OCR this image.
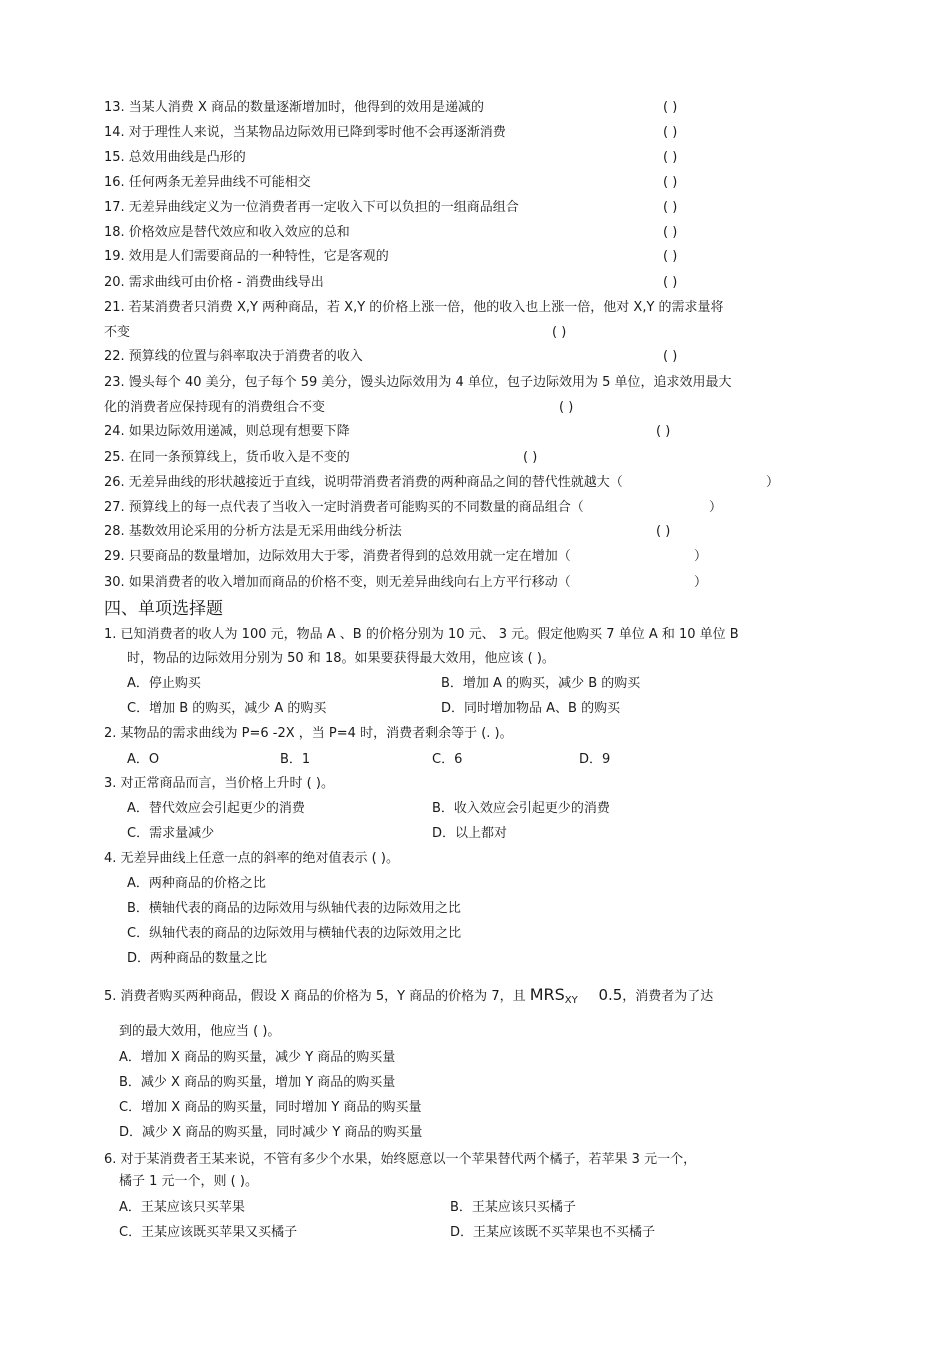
13. 当某人消费 X 商品的数量逐渐增加时，他得到的效用是递减的	( )
14. 对于理性人来说，当某物品边际效用已降到零时他不会再逐渐消费	( )
15. 总效用曲线是凸形的	( )
16. 任何两条无差异曲线不可能相交	( )
17. 无差异曲线定义为一位消费者再一定收入下可以负担的一组商品组合	( )
18. 价格效应是替代效应和收入效应的总和	( )
19. 效用是人们需要商品的一种特性，它是客观的	( )
20. 需求曲线可由价格 - 消费曲线导出	( )
21. 若某消费者只消费 X,Y 两种商品，若 X,Y 的价格上涨一倍，他的收入也上涨一倍，他对 X,Y 的需求量将
不变	( )
22. 预算线的位置与斜率取决于消费者的收入	( )
23. 馒头每个 40 美分，包子每个 59 美分，馒头边际效用为 4 单位，包子边际效用为 5 单位，追求效用最大
化的消费者应保持现有的消费组合不变	( )
24. 如果边际效用递减，则总现有想要下降	( )
25. 在同一条预算线上，货币收入是不变的	( )
26. 无差异曲线的形状越接近于直线，说明带消费者消费的两种商品之间的替代性就越大（	）
27. 预算线上的每一点代表了当收入一定时消费者可能购买的不同数量的商品组合（	）
28. 基数效用论采用的分析方法是无采用曲线分析法	( )
29. 只要商品的数量增加，边际效用大于零，消费者得到的总效用就一定在增加（	）
30. 如果消费者的收入增加而商品的价格不变，则无差异曲线向右上方平行移动（	）
四、单项选择题
1. 已知消费者的收人为 100 元，物品 A 、B 的价格分别为 10 元、 3 元。假定他购买 7 单位 A 和 10 单位 B
时，物品的边际效用分别为 50 和 18。如果要获得最大效用，他应该 ( )。
A．停止购买	B．增加 A 的购买，减少 B 的购买
C．增加 B 的购买，减少 A 的购买	D．同时增加物品 A、B 的购买
2. 某物品的需求曲线为 P=6 -2X ，当 P=4 时，消费者剩余等于 (. )。
A．O	B．1	C．6	D．9
3. 对正常商品而言，当价格上升时 ( )。
A．替代效应会引起更少的消费	B．收入效应会引起更少的消费
C．需求量减少	D．以上都对
4. 无差异曲线上任意一点的斜率的绝对值表示 ( )。
A．两种商品的价格之比
B．横轴代表的商品的边际效用与纵轴代表的边际效用之比
C．纵轴代表的商品的边际效用与横轴代表的边际效用之比
D．两种商品的数量之比
5. 消费者购买两种商品，假设 X 商品的价格为 5，Y 商品的价格为 7，且 $MRS_{XY}$ 0.5，消费者为了达
到的最大效用，他应当 ( )。
A．增加 X 商品的购买量，减少 Y 商品的购买量
B．减少 X 商品的购买量，增加 Y 商品的购买量
C．增加 X 商品的购买量，同时增加 Y 商品的购买量
D．减少 X 商品的购买量，同时减少 Y 商品的购买量
6. 对于某消费者王某来说，不管有多少个水果，始终愿意以一个苹果替代两个橘子，若苹果 3 元一个，
橘子 1 元一个，则 ( )。
A．王某应该只买苹果	B．王某应该只买橘子
C．王某应该既买苹果又买橘子	D．王某应该既不买苹果也不买橘子
